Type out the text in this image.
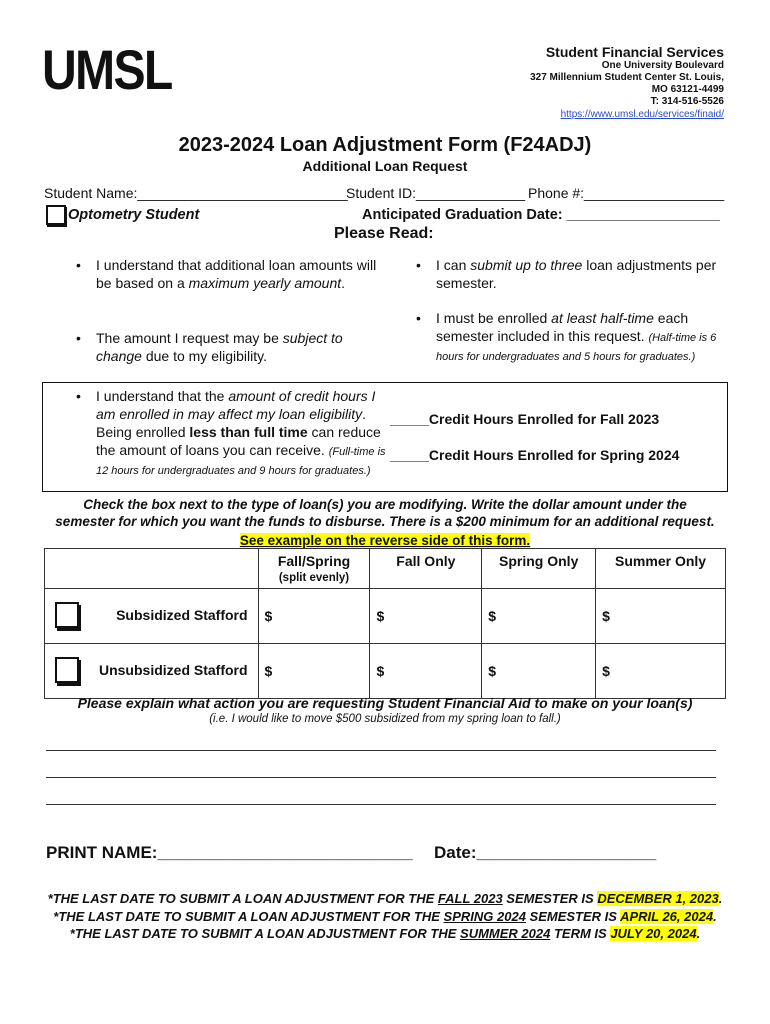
UMSL	Student Financial Services
One University Boulevard
327 Millennium Student Center St. Louis,
MO 63121-4499
T: 314-516-5526
https://www.umsl.edu/services/finaid/
2023-2024 Loan Adjustment Form (F24ADJ)
Additional Loan Request
Student Name:___________________________
Student ID:______________ Phone #:__________________
Optometry Student	Anticipated Graduation Date: ___________________
Please Read:
• I understand that additional loan amounts will be based on a maximum yearly amount.
• The amount I request may be subject to change due to my eligibility.
• I can submit up to three loan adjustments per semester.
• I must be enrolled at least half-time each semester included in this request. (Half-time is 6 hours for undergraduates and 5 hours for graduates.)
• I understand that the amount of credit hours I am enrolled in may affect my loan eligibility. Being enrolled less than full time can reduce the amount of loans you can receive. (Full-time is 12 hours for undergraduates and 9 hours for graduates.)
_____Credit Hours Enrolled for Fall 2023
_____Credit Hours Enrolled for Spring 2024
Check the box next to the type of loan(s) you are modifying. Write the dollar amount under the
semester for which you want the funds to disburse. There is a $200 minimum for an additional request.
See example on the reverse side of this form.

	Fall/Spring
(split evenly)	Fall Only	Spring Only	Summer Only

Subsidized Stafford	$	$	$	$

Unsubsidized Stafford	$	$	$	$
Please explain what action you are requesting Student Financial Aid to make on your loan(s)
(i.e. I would like to move $500 subsidized from my spring loan to fall.)
PRINT NAME:___________________________ Date:___________________
*THE LAST DATE TO SUBMIT A LOAN ADJUSTMENT FOR THE FALL 2023 SEMESTER IS DECEMBER 1, 2023.
*THE LAST DATE TO SUBMIT A LOAN ADJUSTMENT FOR THE SPRING 2024 SEMESTER IS APRIL 26, 2024.
*THE LAST DATE TO SUBMIT A LOAN ADJUSTMENT FOR THE SUMMER 2024 TERM IS JULY 20, 2024.
